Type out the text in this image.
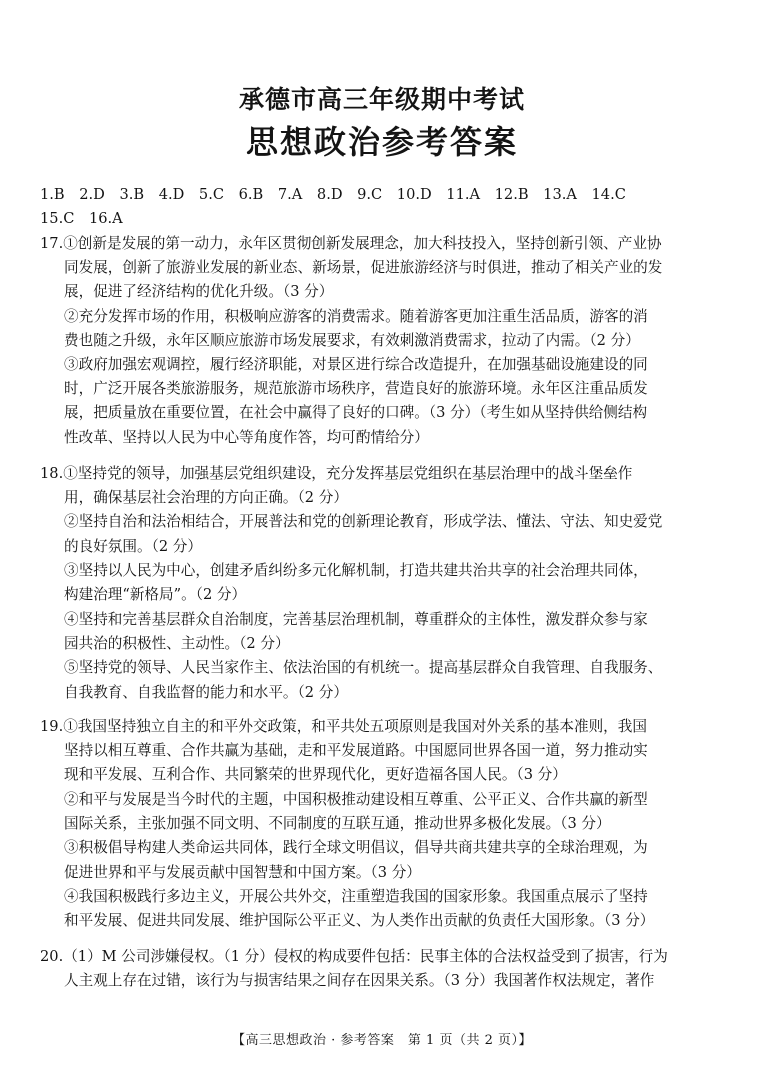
承德市高三年级期中考试
思想政治参考答案
1.B　2.D　3.B　4.D　5.C　6.B　7.A　8.D　9.C　10.D　11.A　12.B　13.A　14.C
15.C　16.A
17.①创新是发展的第一动力，永年区贯彻创新发展理念，加大科技投入，坚持创新引领、产业协
同发展，创新了旅游业发展的新业态、新场景，促进旅游经济与时俱进，推动了相关产业的发
展，促进了经济结构的优化升级。（3 分）
②充分发挥市场的作用，积极响应游客的消费需求。随着游客更加注重生活品质，游客的消
费也随之升级，永年区顺应旅游市场发展要求，有效刺激消费需求，拉动了内需。（2 分）
③政府加强宏观调控，履行经济职能，对景区进行综合改造提升，在加强基础设施建设的同
时，广泛开展各类旅游服务，规范旅游市场秩序，营造良好的旅游环境。永年区注重品质发
展，把质量放在重要位置，在社会中赢得了良好的口碑。（3 分）（考生如从坚持供给侧结构
性改革、坚持以人民为中心等角度作答，均可酌情给分）
18.①坚持党的领导，加强基层党组织建设，充分发挥基层党组织在基层治理中的战斗堡垒作
用，确保基层社会治理的方向正确。（2 分）
②坚持自治和法治相结合，开展普法和党的创新理论教育，形成学法、懂法、守法、知史爱党
的良好氛围。（2 分）
③坚持以人民为中心，创建矛盾纠纷多元化解机制，打造共建共治共享的社会治理共同体，
构建治理“新格局”。（2 分）
④坚持和完善基层群众自治制度，完善基层治理机制，尊重群众的主体性，激发群众参与家
园共治的积极性、主动性。（2 分）
⑤坚持党的领导、人民当家作主、依法治国的有机统一。提高基层群众自我管理、自我服务、
自我教育、自我监督的能力和水平。（2 分）
19.①我国坚持独立自主的和平外交政策，和平共处五项原则是我国对外关系的基本准则，我国
坚持以相互尊重、合作共赢为基础，走和平发展道路。中国愿同世界各国一道，努力推动实
现和平发展、互利合作、共同繁荣的世界现代化，更好造福各国人民。（3 分）
②和平与发展是当今时代的主题，中国积极推动建设相互尊重、公平正义、合作共赢的新型
国际关系，主张加强不同文明、不同制度的互联互通，推动世界多极化发展。（3 分）
③积极倡导构建人类命运共同体，践行全球文明倡议，倡导共商共建共享的全球治理观，为
促进世界和平与发展贡献中国智慧和中国方案。（3 分）
④我国积极践行多边主义，开展公共外交，注重塑造我国的国家形象。我国重点展示了坚持
和平发展、促进共同发展、维护国际公平正义、为人类作出贡献的负责任大国形象。（3 分）
20.（1）M 公司涉嫌侵权。（1 分）侵权的构成要件包括：民事主体的合法权益受到了损害，行为
人主观上存在过错，该行为与损害结果之间存在因果关系。（3 分）我国著作权法规定，著作
【高三思想政治 · 参考答案　第 1 页（共 2 页）】
